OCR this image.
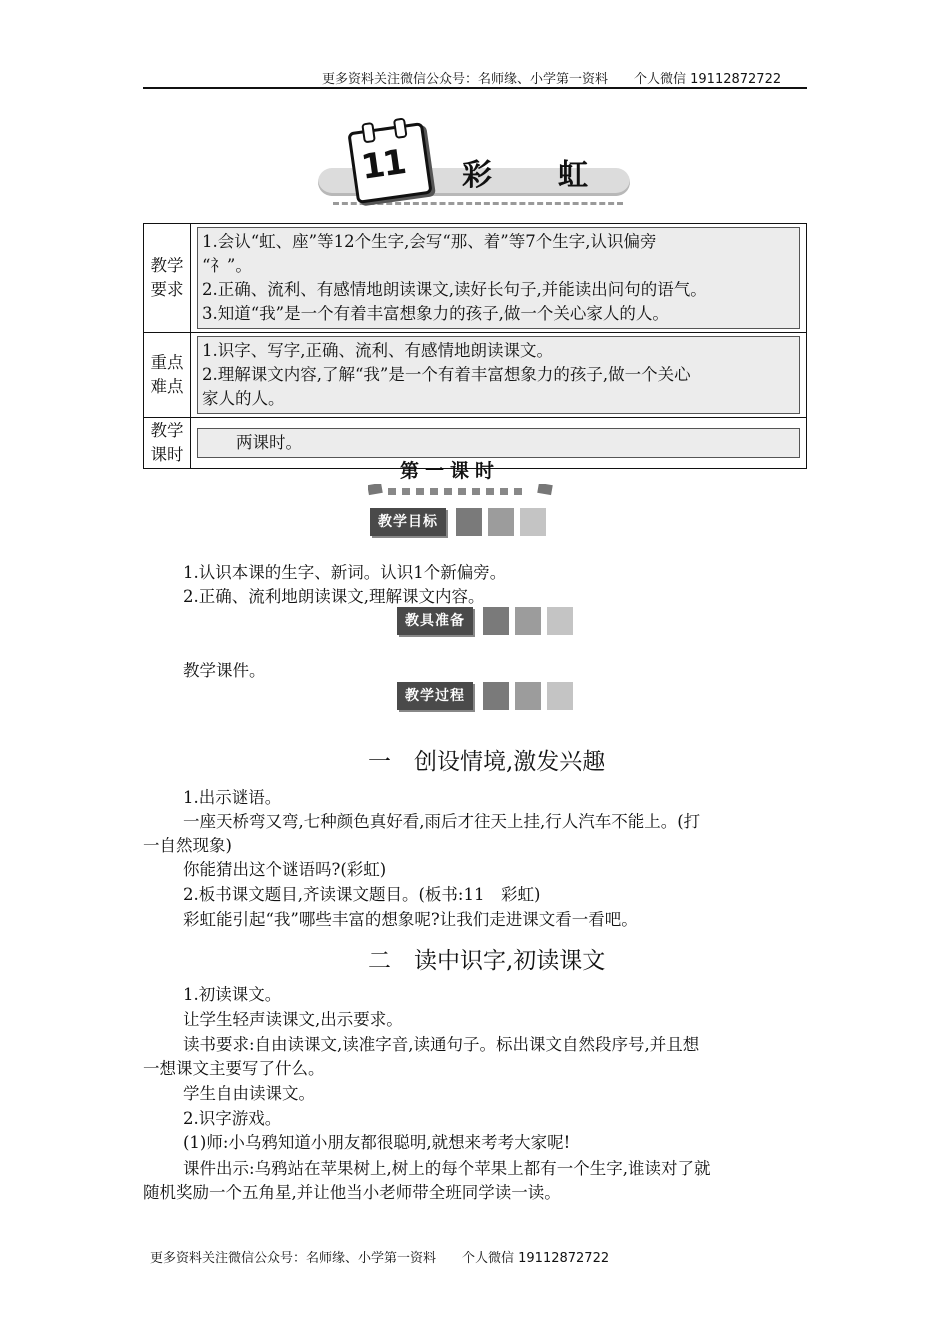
更多资料关注微信公众号：名师缘、小学第一资料　　个人微信 19112872722
11 彩虹
教学要求	1.会认“虹、座”等12个生字,会写“那、着”等7个生字,认识偏旁
“礻”。
2.正确、流利、有感情地朗读课文,读好长句子,并能读出问句的语气。
3.知道“我”是一个有着丰富想象力的孩子,做一个关心家人的人。

重点难点	1.识字、写字,正确、流利、有感情地朗读课文。
2.理解课文内容,了解“我”是一个有着丰富想象力的孩子,做一个关心
家人的人。

教学课时	两课时。
第一课时
教学目标
1.认识本课的生字、新词。认识1个新偏旁。
2.正确、流利地朗读课文,理解课文内容。
教具准备
教学课件。
教学过程
一　创设情境,激发兴趣
1.出示谜语。
一座天桥弯又弯,七种颜色真好看,雨后才往天上挂,行人汽车不能上。(打
一自然现象)
你能猜出这个谜语吗?(彩虹)
2.板书课文题目,齐读课文题目。(板书:11　彩虹)
彩虹能引起“我”哪些丰富的想象呢?让我们走进课文看一看吧。
二　读中识字,初读课文
1.初读课文。
让学生轻声读课文,出示要求。
读书要求:自由读课文,读准字音,读通句子。标出课文自然段序号,并且想
一想课文主要写了什么。
学生自由读课文。
2.识字游戏。
(1)师:小乌鸦知道小朋友都很聪明,就想来考考大家呢!
课件出示:乌鸦站在苹果树上,树上的每个苹果上都有一个生字,谁读对了就
随机奖励一个五角星,并让他当小老师带全班同学读一读。
更多资料关注微信公众号：名师缘、小学第一资料　　个人微信 19112872722
